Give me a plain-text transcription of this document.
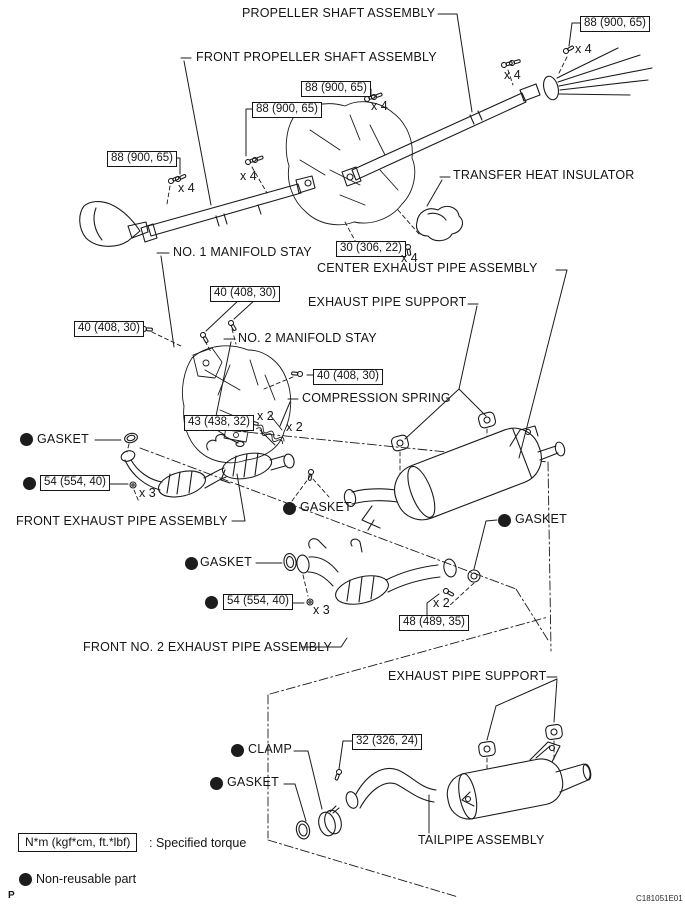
PROPELLER SHAFT ASSEMBLY
FRONT PROPELLER SHAFT ASSEMBLY
TRANSFER HEAT INSULATOR
NO. 1 MANIFOLD STAY
CENTER EXHAUST PIPE ASSEMBLY
EXHAUST PIPE SUPPORT
NO. 2 MANIFOLD STAY
COMPRESSION SPRING
GASKET
FRONT EXHAUST PIPE ASSEMBLY
GASKET
GASKET
GASKET
FRONT NO. 2 EXHAUST PIPE ASSEMBLY
EXHAUST PIPE SUPPORT
CLAMP
GASKET
TAILPIPE ASSEMBLY
88 (900, 65)
88 (900, 65)
88 (900, 65)
88 (900, 65)
30 (306, 22)
40 (408, 30)
40 (408, 30)
40 (408, 30)
43 (438, 32)
54 (554, 40)
54 (554, 40)
48 (489, 35)
32 (326, 24)
x 4
x 4
x 4
x 4
x 4
x 4
x 2
x 2
x 3
x 3	x 2
N*m (kgf*cm, ft.*lbf)	: Specified torque
Non-reusable part
P	C181051E01
